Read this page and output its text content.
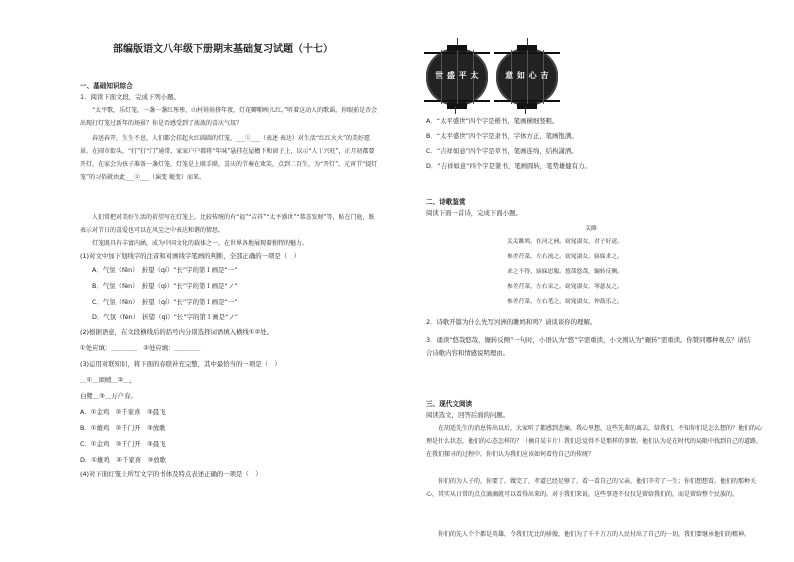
部编版语文八年级下册期末基础复习试题（十七）
一、基础知识综合
1．阅读下面文段，完成下列小题。
“太平歌，乐灯笼，一盏一盏红彤彤，山村娃娃挤年夜，灯花噼啪映儿红。”听着这动人的歌谣，你眼前是否会出现打灯笼过新年的场景？你是否感受到了浓浓的喜庆气氛？
春送春开，生生不息，人们都会挂起火红圆圆的灯笼，___①___（表述 表达）对生活“红红火火”的美好愿景。在闹市街头，“打”打“门”通常，家家户户都将“年味”悬挂在屋檐下和窗子上，以示“人丁兴旺”，正月初都要开灯，在家会为孩子准备一盏灯笼，灯笼是上联手联，喜庆的节奏在欢笑，点到二百生，为“开灯”。元宵节“提灯笼”的习俗就由此___②___（演变 蜕变）而来。
人们常把对美好生活的祈望写在灯笼上。比较传统的有“福”“吉祥”“太平盛世”“恭喜发财”等，贴在门庭，既表示对节日的喜爱也可以在风尘之中表达和谐的情思。
灯笼既具有丰富内涵，成为中国文化的载体之一，在世界各地展现着独特的魅力。
(1)对文中加下划线字的注音和对画线字笔画的判断，全部正确的一项是（　）
A．气氛（fēn）　折望（qí）“长”字的第１画是“一”
B．气氛（fèn）　折望（qì）“长”字的第１画是“ノ”
C．气氛（fēn）　折望（qí）“长”字的第１画是“一”
D．气氛（fèn）　折望（qì）“长”字的第１画是“ノ”
(2)根据语意，在文段横线后的括号内分别选择词语填入横线①②处。
①处应填：＿＿＿＿　②处应填：＿＿＿＿
(3)运用对联知识，将下面的春联补充完整，其中最恰当的一项是（　）
＿①＿颂晴＿②＿，
白鹭＿③＿万户春。
A．①金鸡　②千家喜　③晨飞
B．①雄鸡　②千门开　③放歌
C．①金鸡　②千门开　③晨飞
D．①雄鸡　②千家喜　③放歌
(4)对下面灯笼上所写文字的书体及特点表述正确的一项是（　）
世 盛 平 太	意 如 心 吉
A．“太平盛世”四个字是楷书，笔画横细竖粗。
B．“太平盛世”四个字是隶书，字体方正，笔画饱满。
C．“吉祥如意”四个字是草书，笔画连绵，结构潇洒。
D．“吉祥如意”四个字是篆书，笔画圆转，笔势雄健有力。
二、诗歌鉴赏
阅读下面一首诗，完成下面小题。
关雎
关关雎鸠，在河之洲。窈窕淑女，君子好逑。
参差荇菜，左右流之。窈窕淑女，寤寐求之。
求之不得，寤寐思服。悠哉悠哉，辗转反侧。
参差荇菜，左右采之。窈窕淑女，琴瑟友之。
参差荇菜，左右芼之。窈窕淑女，钟鼓乐之。
2．诗歌开篇为什么先写河洲的雎鸠和鸣？请谈谈你的理解。
3．诵读“悠哉悠哉，辗转反侧”一句时，小语认为“悠”字需重读，小文则认为“辗转”需重读。你赞同哪种观点？请结合诗歌内容和情感说明理由。
三、现代文阅读
阅读选文，回答后面的问题。
在胡适先生的消息传出以后，大家听了都感到悲痛，我心里想，这些先辈的离去，给我们，不知你们是怎么想的？他们的心理是什么状态，他们的心态怎样的？（摘自某卡片）我们总觉得不是那样的事情，他们认为是在时代的局限中找到自己的道路，在我们探寻的过程中，你们认为我们应该如何看待自己的传统？
你们的为人子的，你要了，做完了，孝道已经足够了，看一看自己的父亲，他们辛劳了一生；你们想想看，他们的那种关心，其实从日常的点点滴滴就可以看得出来的。对于我们来说，这些事迹不仅仅是留给我们的，而是留给整个民族的。
你们的先人个个都是英雄，令我们无比的骄傲，他们为了千千万万的人民付出了自己的一切，我们要继承他们的精神。
